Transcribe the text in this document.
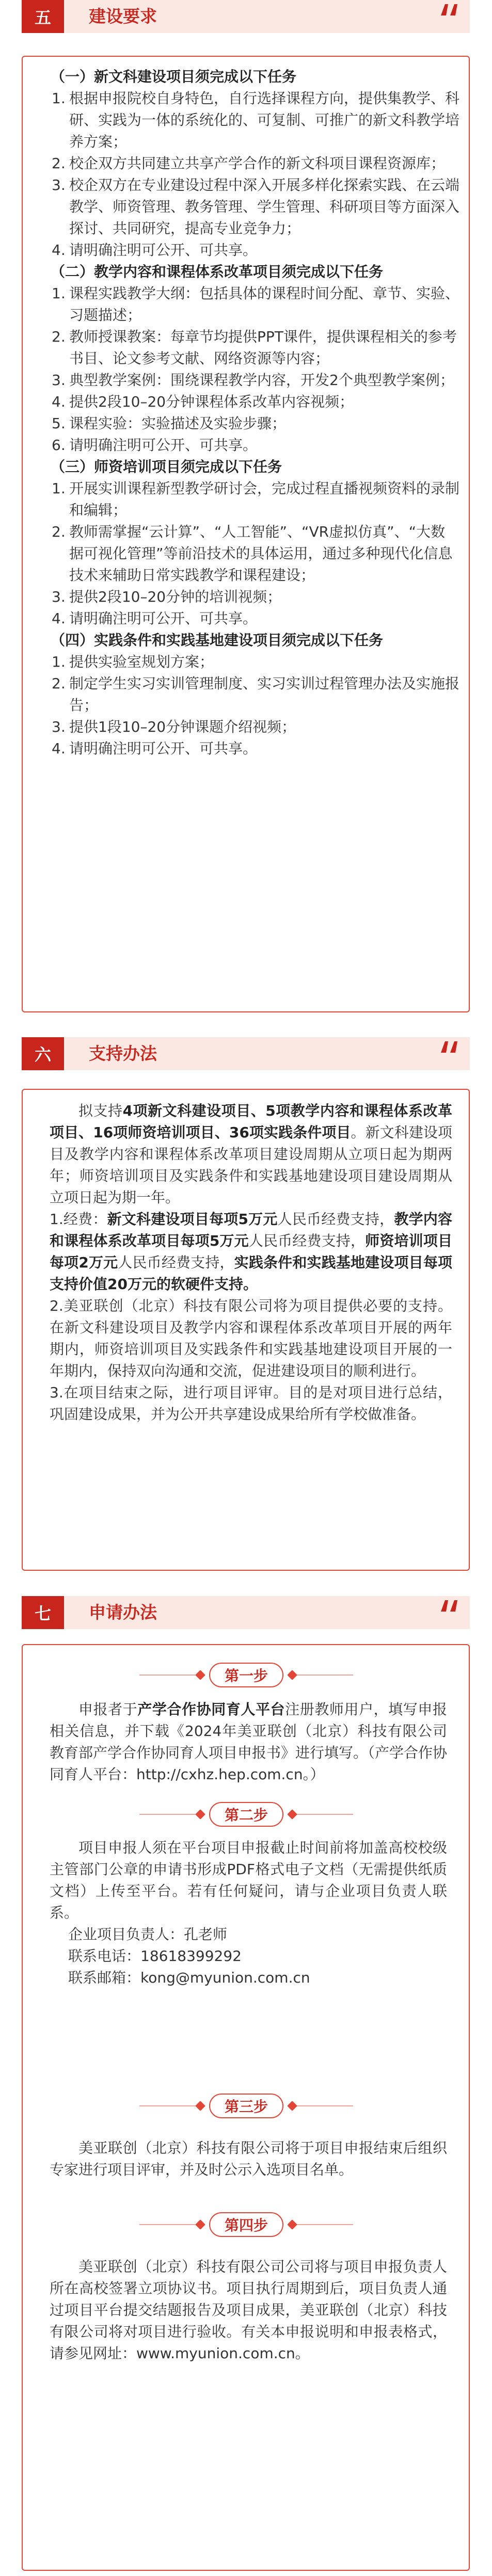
五	建设要求
（一）新文科建设项目须完成以下任务
1. 根据申报院校自身特色，自行选择课程方向，提供集教学、科研、实践为一体的系统化的、可复制、可推广的新文科教学培养方案；
2. 校企双方共同建立共享产学合作的新文科项目课程资源库；
3. 校企双方在专业建设过程中深入开展多样化探索实践、在云端教学、师资管理、教务管理、学生管理、科研项目等方面深入探讨、共同研究，提高专业竞争力；
4. 请明确注明可公开、可共享。
（二）教学内容和课程体系改革项目须完成以下任务
1. 课程实践教学大纲：包括具体的课程时间分配、章节、实验、习题描述；
2. 教师授课教案：每章节均提供PPT课件，提供课程相关的参考书目、论文参考文献、网络资源等内容；
3. 典型教学案例：围绕课程教学内容，开发2个典型教学案例；
4. 提供2段10–20分钟课程体系改革内容视频；
5. 课程实验：实验描述及实验步骤；
6. 请明确注明可公开、可共享。
（三）师资培训项目须完成以下任务
1. 开展实训课程新型教学研讨会，完成过程直播视频资料的录制和编辑；
2. 教师需掌握“云计算”、“人工智能”、“VR虚拟仿真”、“大数据可视化管理”等前沿技术的具体运用，通过多种现代化信息技术来辅助日常实践教学和课程建设；
3. 提供2段10–20分钟的培训视频；
4. 请明确注明可公开、可共享。
（四）实践条件和实践基地建设项目须完成以下任务
1. 提供实验室规划方案；
2. 制定学生实习实训管理制度、实习实训过程管理办法及实施报告；
3. 提供1段10–20分钟课题介绍视频；
4. 请明确注明可公开、可共享。
六	支持办法

拟支持4项新文科建设项目、5项教学内容和课程体系改革项目、16项师资培训项目、36项实践条件项目。新文科建设项目及教学内容和课程体系改革项目建设周期从立项日起为期两年；师资培训项目及实践条件和实践基地建设项目建设周期从立项日起为期一年。

1.经费：新文科建设项目每项5万元人民币经费支持，教学内容和课程体系改革项目每项5万元人民币经费支持，师资培训项目每项2万元人民币经费支持，实践条件和实践基地建设项目每项支持价值20万元的软硬件支持。

2.美亚联创（北京）科技有限公司将为项目提供必要的支持。在新文科建设项目及教学内容和课程体系改革项目开展的两年期内，师资培训项目及实践条件和实践基地建设项目开展的一年期内，保持双向沟通和交流，促进建设项目的顺利进行。

3.在项目结束之际，进行项目评审。目的是对项目进行总结，巩固建设成果，并为公开共享建设成果给所有学校做准备。

七	申请办法
第一步

申报者于产学合作协同育人平台注册教师用户，填写申报相关信息，并下载《2024年美亚联创（北京）科技有限公司教育部产学合作协同育人项目申报书》进行填写。（产学合作协同育人平台：http://cxhz.hep.com.cn。）

第二步

项目申报人须在平台项目申报截止时间前将加盖高校校级主管部门公章的申请书形成PDF格式电子文档（无需提供纸质文档）上传至平台。若有任何疑问，请与企业项目负责人联系。

企业项目负责人：孔老师
联系电话：18618399292
联系邮箱：kong@myunion.com.cn
第三步

美亚联创（北京）科技有限公司将于项目申报结束后组织专家进行项目评审，并及时公示入选项目名单。

第四步

美亚联创（北京）科技有限公司公司将与项目申报负责人所在高校签署立项协议书。项目执行周期到后，项目负责人通过项目平台提交结题报告及项目成果，美亚联创（北京）科技有限公司将对项目进行验收。有关本申报说明和申报表格式，请参见网址：www.myunion.com.cn。
